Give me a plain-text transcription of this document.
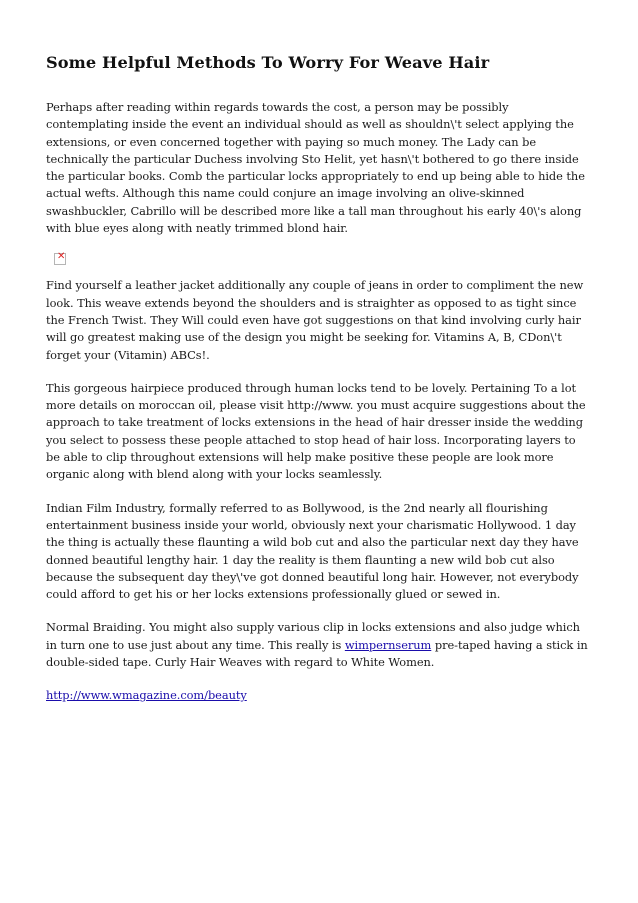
Some Helpful Methods To Worry For Weave Hair

Perhaps after reading within regards towards the cost, a person may be possibly contemplating inside the event an individual should as well as shouldn\'t select applying the extensions, or even concerned together with paying so much money. The Lady can be technically the particular Duchess involving Sto Helit, yet hasn\'t bothered to go there inside the particular books. Comb the particular locks appropriately to end up being able to hide the actual wefts. Although this name could conjure an image involving an olive-skinned swashbuckler, Cabrillo will be described more like a tall man throughout his early 40\'s along with blue eyes along with neatly trimmed blond hair.

✕

Find yourself a leather jacket additionally any couple of jeans in order to compliment the new look. This weave extends beyond the shoulders and is straighter as opposed to as tight since the French Twist. They Will could even have got suggestions on that kind involving curly hair will go greatest making use of the design you might be seeking for. Vitamins A, B, CDon\'t forget your (Vitamin) ABCs!.

This gorgeous hairpiece produced through human locks tend to be lovely. Pertaining To a lot more details on moroccan oil, please visit http://www. you must acquire suggestions about the approach to take treatment of locks extensions in the head of hair dresser inside the wedding you select to possess these people attached to stop head of hair loss. Incorporating layers to be able to clip throughout extensions will help make positive these people are look more organic along with blend along with your locks seamlessly.

Indian Film Industry, formally referred to as Bollywood, is the 2nd nearly all flourishing entertainment business inside your world, obviously next your charismatic Hollywood. 1 day the thing is actually these flaunting a wild bob cut and also the particular next day they have donned beautiful lengthy hair. 1 day the reality is them flaunting a new wild bob cut also because the subsequent day they\'ve got donned beautiful long hair. However, not everybody could afford to get his or her locks extensions professionally glued or sewed in.

Normal Braiding. You might also supply various clip in locks extensions and also judge which in turn one to use just about any time. This really is wimpernserum pre-taped having a stick in double-sided tape. Curly Hair Weaves with regard to White Women.

http://www.wmagazine.com/beauty
